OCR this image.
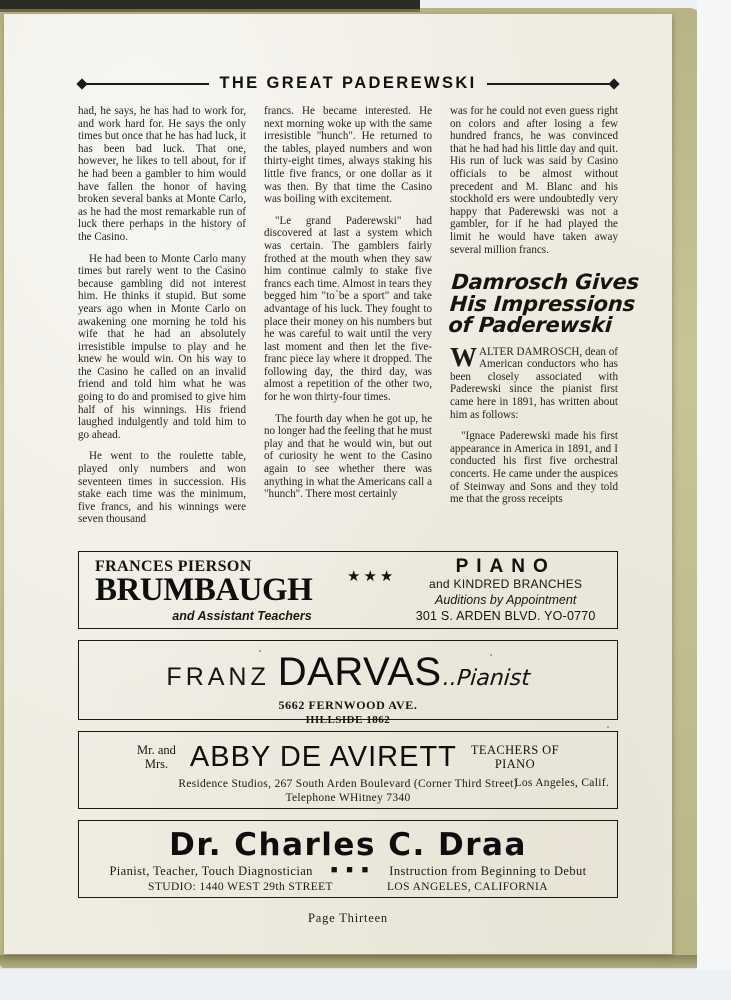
THE GREAT PADEREWSKI

had, he says, he has had to work for, and work hard for. He says the only times but once that he has had luck, it has been bad luck. That one, however, he likes to tell about, for if he had been a gambler to him would have fallen the honor of having broken several banks at Monte Carlo, as he had the most remarkable run of luck there perhaps in the history of the Casino.

He had been to Monte Carlo many times but rarely went to the Casino because gambling did not interest him. He thinks it stupid. But some years ago when in Monte Carlo on awakening one morning he told his wife that he had an absolutely irresistible impulse to play and he knew he would win. On his way to the Casino he called on an invalid friend and told him what he was going to do and promised to give him half of his winnings. His friend laughed indulgently and told him to go ahead.

He went to the roulette table, played only numbers and won seventeen times in succession. His stake each time was the minimum, five francs, and his winnings were seven thousand

francs. He became interested. He next morning woke up with the same irresistible "hunch". He returned to the tables, played numbers and won thirty-eight times, always staking his little five francs, or one dollar as it was then. By that time the Casino was boiling with excitement.

"Le grand Paderewski" had discovered at last a system which was certain. The gamblers fairly frothed at the mouth when they saw him continue calmly to stake five francs each time. Almost in tears they begged him "to be a sport" and take advantage of his luck. They fought to place their money on his numbers but he was careful to wait until the very last moment and then let the five-franc piece lay where it dropped. The following day, the third day, was almost a repetition of the other two, for he won thirty-four times.

The fourth day when he got up, he no longer had the feeling that he must play and that he would win, but out of curiosity he went to the Casino again to see whether there was anything in what the Americans call a "hunch". There most certainly

was for he could not even guess right on colors and after losing a few hundred francs, he was convinced that he had had his little day and quit. His run of luck was said by Casino officials to be almost without precedent and M. Blanc and his stockhold ers were undoubtedly very happy that Paderewski was not a gambler, for if he had played the limit he would have taken away several million francs.

Damrosch Gives
His Impressions
of Paderewski

WALTER DAMROSCH, dean of American conductors who has been closely associated with Paderewski since the pianist first came here in 1891, has written about him as follows:

"Ignace Paderewski made his first appearance in America in 1891, and I conducted his first five orchestral concerts. He came under the auspices of Steinway and Sons and they told me that the gross receipts

FRANCES PIERSON
BRUMBAUGH
and Assistant Teachers
★★★	PIANO
and KINDRED BRANCHES
Auditions by Appointment
301 S. ARDEN BLVD. YO-0770
FRANZ DARVAS ..Pianist
5662 FERNWOOD AVE.
HILLSIDE 1862
Mr. and
Mrs. ABBY DE AVIRETT TEACHERS OF
PIANO
Residence Studios, 267 South Arden Boulevard (Corner Third Street)
Telephone WHitney 7340
Los Angeles, Calif.
Dr. Charles C. Draa
Pianist, Teacher, Touch Diagnostician ■ ■ ■ Instruction from Beginning to Debut
STUDIO: 1440 WEST 29th STREET	LOS ANGELES, CALIFORNIA
Page Thirteen
